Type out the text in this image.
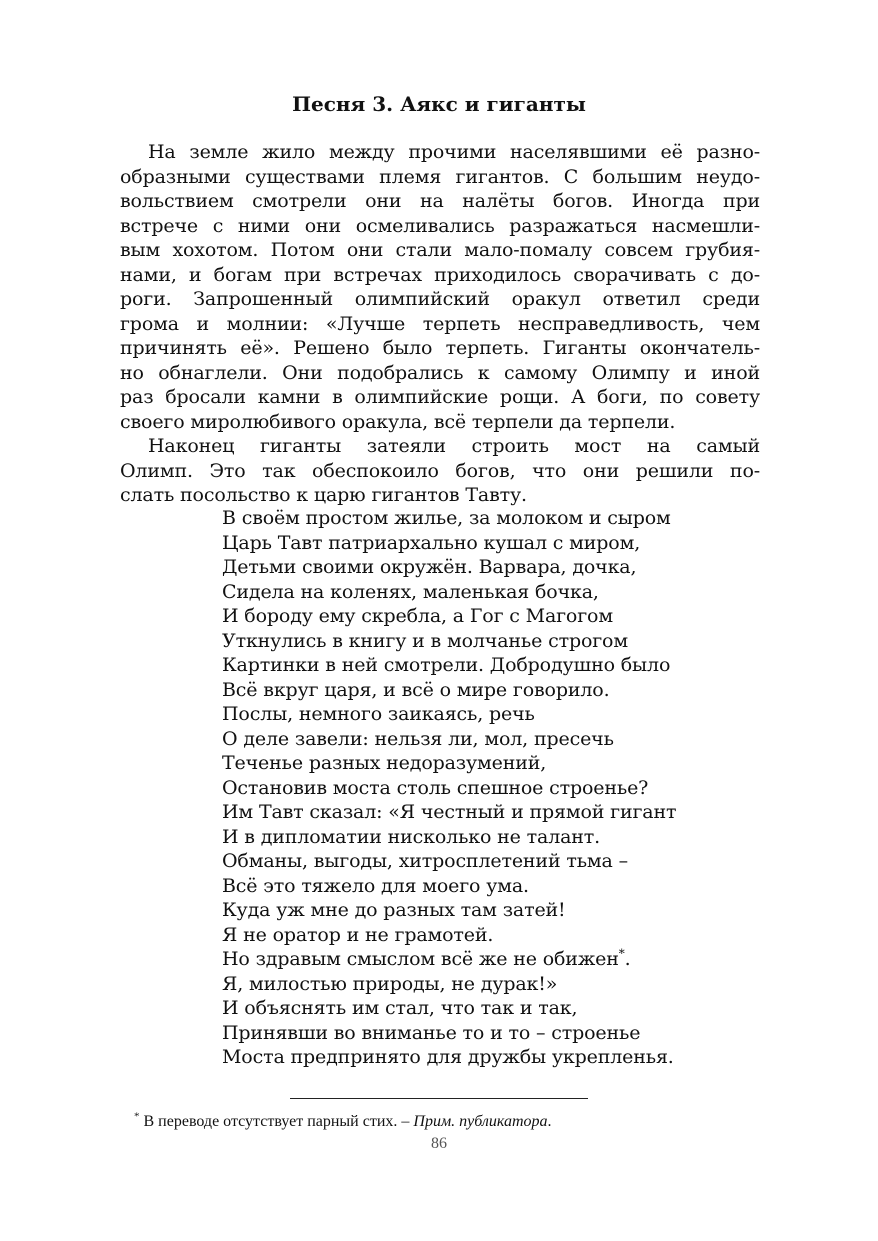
Песня 3. Аякс и гиганты
На земле жило между прочими населявшими её разно-
образными существами племя гигантов. С большим неудо-
вольствием смотрели они на налёты богов. Иногда при
встрече с ними они осмеливались разражаться насмешли-
вым хохотом. Потом они стали мало-помалу совсем грубия-
нами, и богам при встречах приходилось сворачивать с до-
роги. Запрошенный олимпийский оракул ответил среди
грома и молнии: «Лучше терпеть несправедливость, чем
причинять её». Решено было терпеть. Гиганты окончатель-
но обнаглели. Они подобрались к самому Олимпу и иной
раз бросали камни в олимпийские рощи. А боги, по совету
своего миролюбивого оракула, всё терпели да терпели.
Наконец гиганты затеяли строить мост на самый
Олимп. Это так обеспокоило богов, что они решили по-
слать посольство к царю гигантов Тавту.
В своём простом жилье, за молоком и сыром
Царь Тавт патриархально кушал с миром,
Детьми своими окружён. Варвара, дочка,
Сидела на коленях, маленькая бочка,
И бороду ему скребла, а Гог с Магогом
Уткнулись в книгу и в молчанье строгом
Картинки в ней смотрели. Добродушно было
Всё вкруг царя, и всё о мире говорило.
Послы, немного заикаясь, речь
О деле завели: нельзя ли, мол, пресечь
Теченье разных недоразумений,
Остановив моста столь спешное строенье?
Им Тавт сказал: «Я честный и прямой гигант
И в дипломатии нисколько не талант.
Обманы, выгоды, хитросплетений тьма –
Всё это тяжело для моего ума.
Куда уж мне до разных там затей!
Я не оратор и не грамотей.
Но здравым смыслом всё же не обижен*.
Я, милостью природы, не дурак!»
И объяснять им стал, что так и так,
Принявши во вниманье то и то – строенье
Моста предпринято для дружбы укрепленья.
* В переводе отсутствует парный стих. – Прим. публикатора.
86
